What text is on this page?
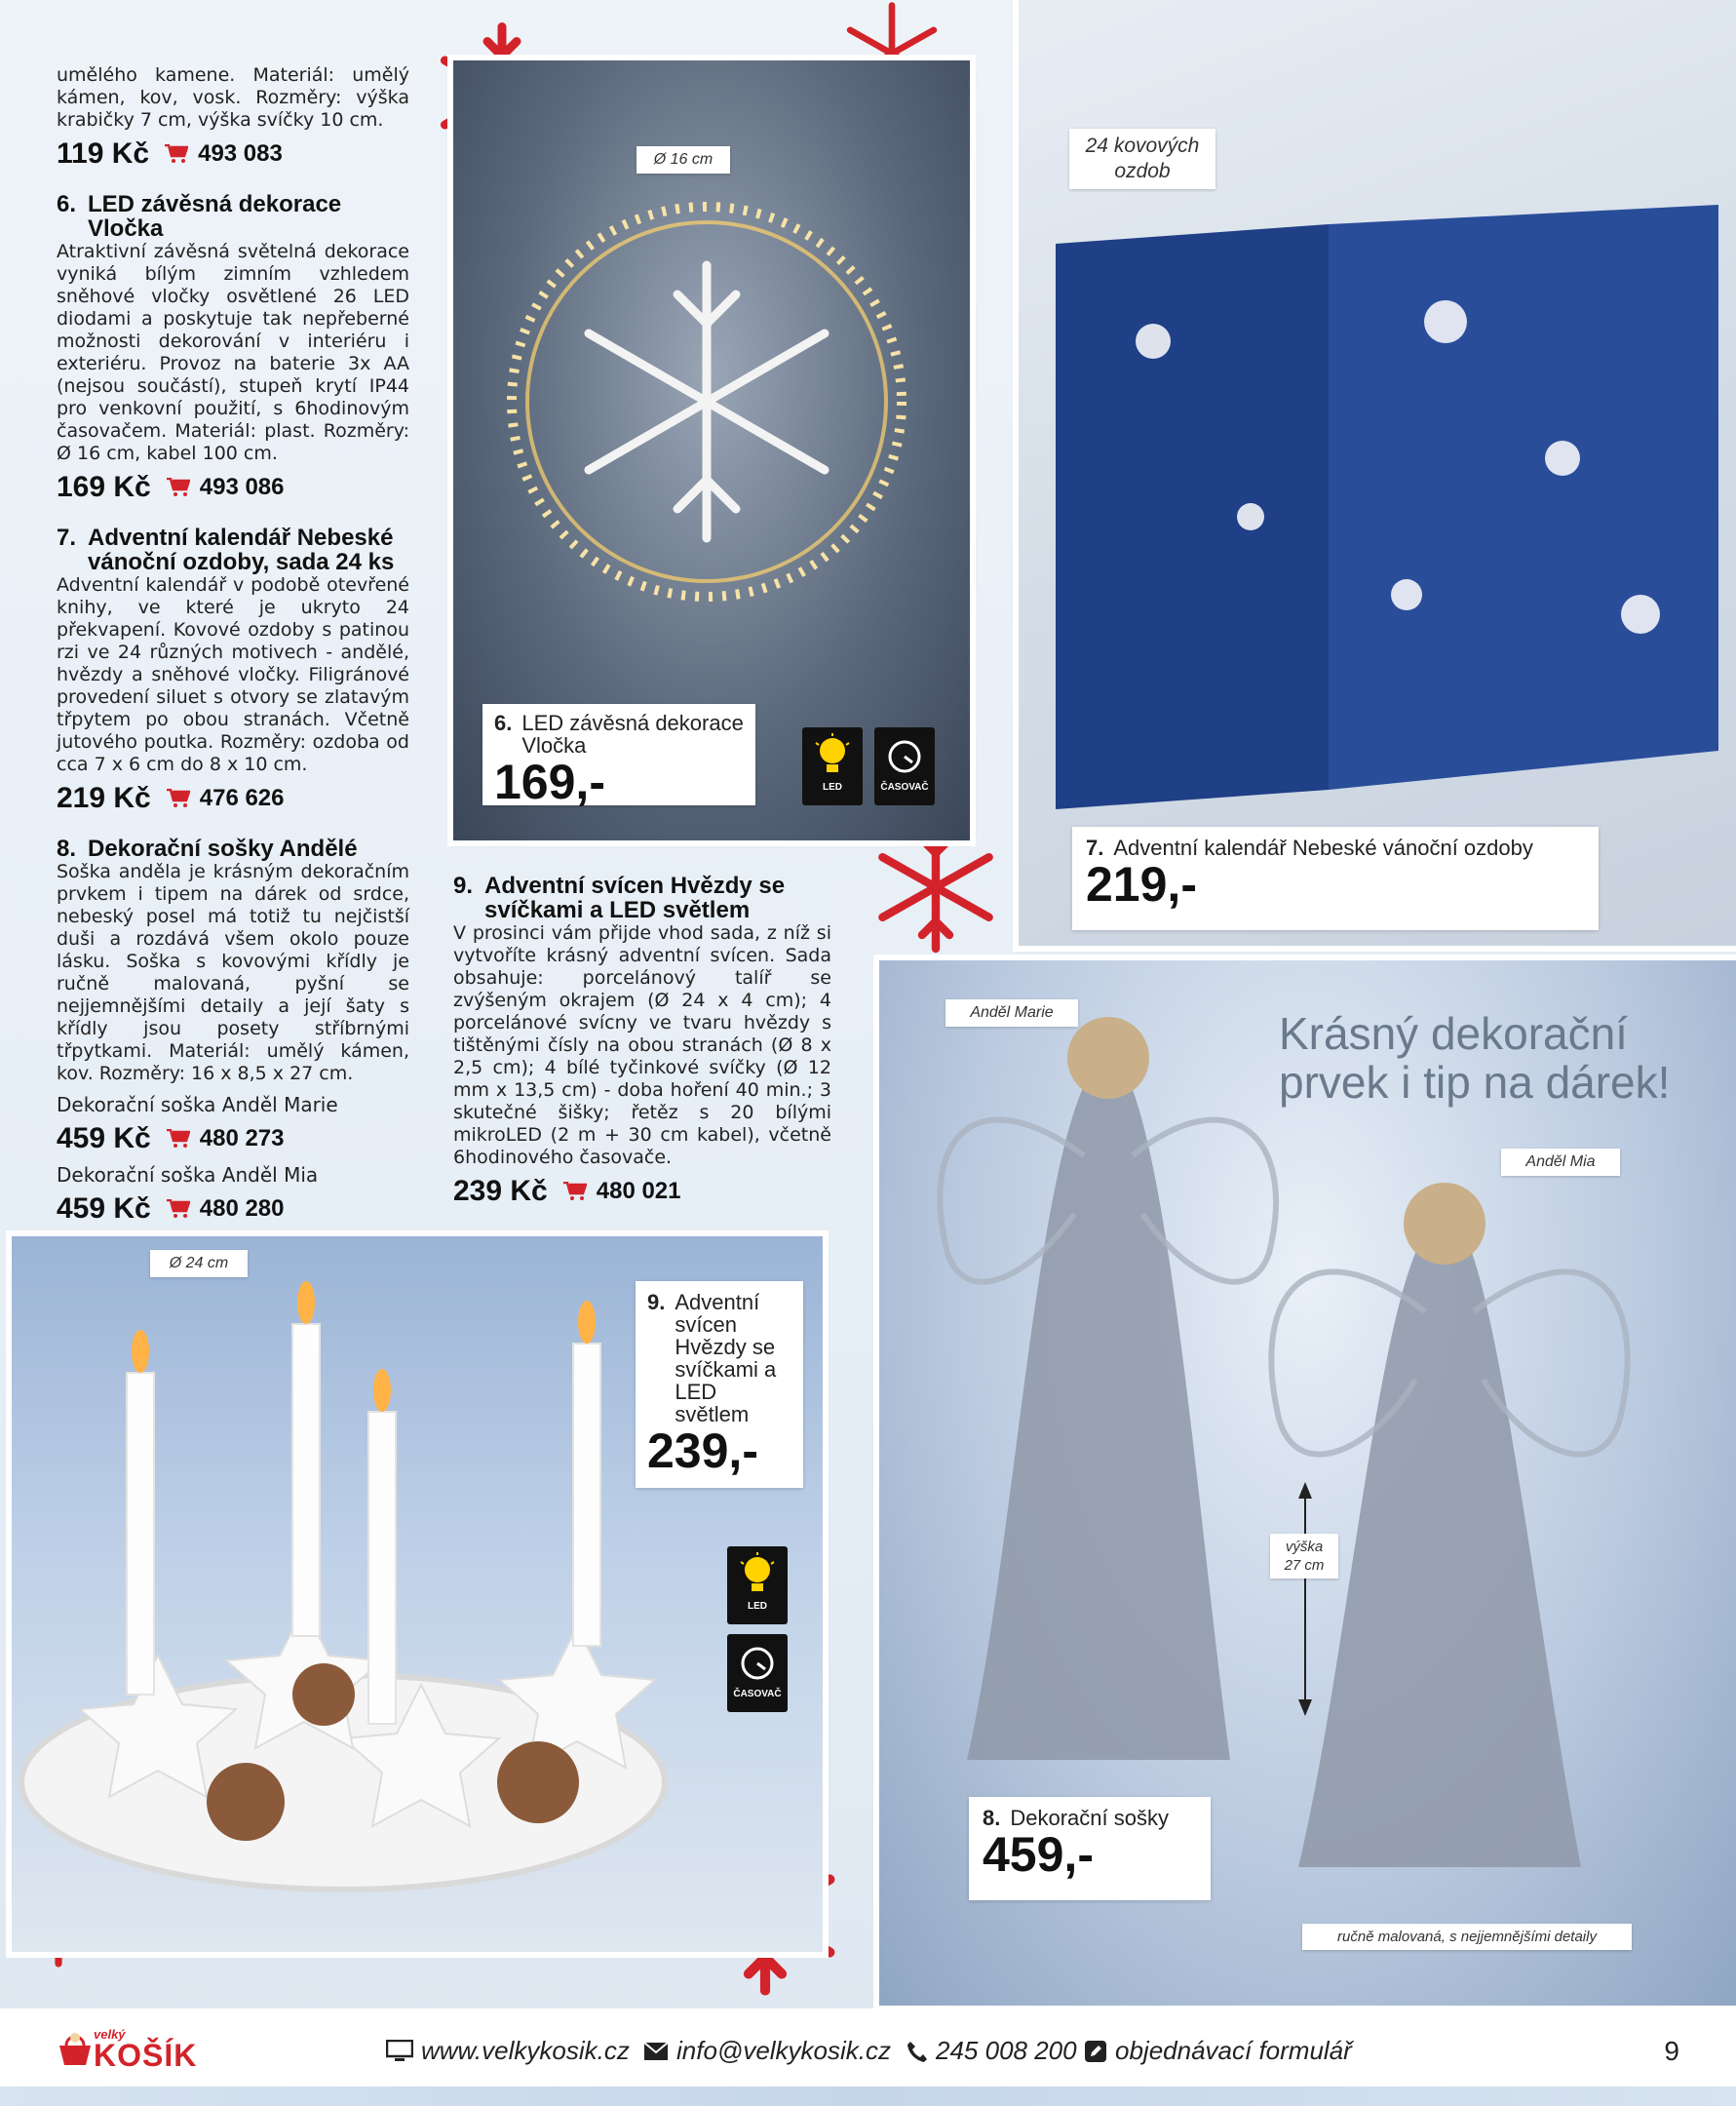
umělého kamene. Materiál: umělý kámen, kov, vosk. Rozměry: výška krabičky 7 cm, výška svíčky 10 cm.

119 Kč 493 083
6. LED závěsná dekorace Vločka

Atraktivní závěsná světelná dekorace vyniká bílým zimním vzhledem sněhové vločky osvětlené 26 LED diodami a poskytuje tak nepřeberné možnosti dekorování v interiéru i exteriéru. Provoz na baterie 3x AA (nejsou součástí), stupeň krytí IP44 pro venkovní použití, s 6hodinovým časovačem. Materiál: plast. Rozměry: Ø 16 cm, kabel 100 cm.

169 Kč 493 086
7. Adventní kalendář Nebeské vánoční ozdoby, sada 24 ks

Adventní kalendář v podobě otevřené knihy, ve které je ukryto 24 překvapení. Kovové ozdoby s patinou rzi ve 24 různých motivech - andělé, hvězdy a sněhové vločky. Filigránové provedení siluet s otvory se zlatavým třpytem po obou stranách. Včetně jutového poutka. Rozměry: ozdoba od cca 7 x 6 cm do 8 x 10 cm.

219 Kč 476 626
8. Dekorační sošky Andělé

Soška anděla je krásným dekoračním prvkem i tipem na dárek od srdce, nebeský posel má totiž tu nejčistší duši a rozdává všem okolo pouze lásku. Soška s kovovými křídly je ručně malovaná, pyšní se nejjemnějšími detaily a její šaty s křídly jsou posety stříbrnými třpytkami. Materiál: umělý kámen, kov. Rozměry: 16 x 8,5 x 27 cm.

Dekorační soška Anděl Marie
459 Kč 480 273
Dekorační soška Anděl Mia
459 Kč 480 280
Ø 16 cm
6. LED závěsná dekorace Vločka
169,-	LED	ČASOVAČ
24 kovových ozdob
7. Adventní kalendář Nebeské vánoční ozdoby
219,-
9. Adventní svícen Hvězdy se svíčkami a LED světlem

V prosinci vám přijde vhod sada, z níž si vytvoříte krásný adventní svícen. Sada obsahuje: porcelánový talíř se zvýšeným okrajem (Ø 24 x 4 cm); 4 porcelánové svícny ve tvaru hvězdy s tištěnými čísly na obou stranách (Ø 8 x 2,5 cm); 4 bílé tyčinkové svíčky (Ø 12 mm x 13,5 cm) - doba hoření 40 min.; 3 skutečné šišky; řetěz s 20 bílými mikroLED (2 m + 30 cm kabel), včetně 6hodinového časovače.

239 Kč 480 021
Ø 24 cm
9. Adventní svícen Hvězdy se svíčkami a LED světlem
239,-
LED
ČASOVAČ
Anděl Marie
Anděl Mia
výška 27 cm
8. Dekorační sošky
459,-
ručně malovaná, s nejjemnějšími detaily
Krásný dekorační prvek i tip na dárek!
velký
KOŠÍK	www.velkykosik.cz info@velkykosik.cz 245 008 200 objednávací formulář	9
